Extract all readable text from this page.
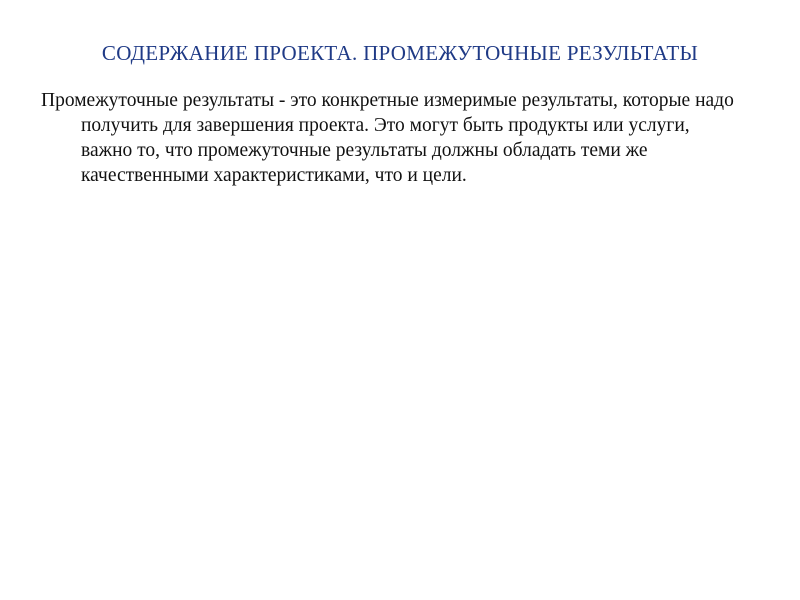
СОДЕРЖАНИЕ ПРОЕКТА. ПРОМЕЖУТОЧНЫЕ РЕЗУЛЬТАТЫ

Промежуточные результаты - это конкретные измеримые результаты, которые надо получить для завершения проекта. Это могут быть продукты или услуги, важно то, что промежуточные результаты должны обладать теми же качественными характеристиками, что и цели.
